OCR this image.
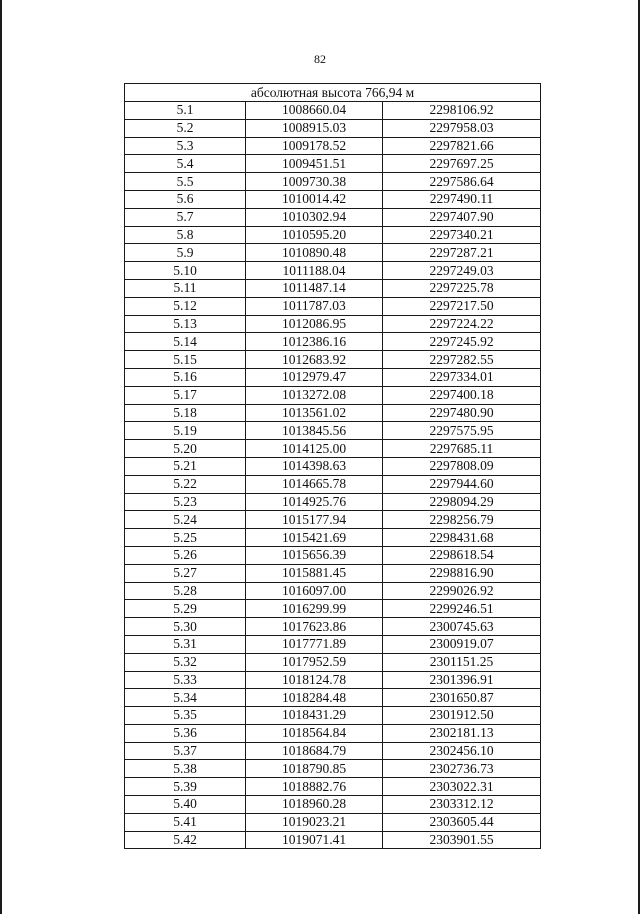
82
абсолютная высота 766,94 м		
5.1	1008660.04	2298106.92
5.2	1008915.03	2297958.03
5.3	1009178.52	2297821.66
5.4	1009451.51	2297697.25
5.5	1009730.38	2297586.64
5.6	1010014.42	2297490.11
5.7	1010302.94	2297407.90
5.8	1010595.20	2297340.21
5.9	1010890.48	2297287.21
5.10	1011188.04	2297249.03
5.11	1011487.14	2297225.78
5.12	1011787.03	2297217.50
5.13	1012086.95	2297224.22
5.14	1012386.16	2297245.92
5.15	1012683.92	2297282.55
5.16	1012979.47	2297334.01
5.17	1013272.08	2297400.18
5.18	1013561.02	2297480.90
5.19	1013845.56	2297575.95
5.20	1014125.00	2297685.11
5.21	1014398.63	2297808.09
5.22	1014665.78	2297944.60
5.23	1014925.76	2298094.29
5.24	1015177.94	2298256.79
5.25	1015421.69	2298431.68
5.26	1015656.39	2298618.54
5.27	1015881.45	2298816.90
5.28	1016097.00	2299026.92
5.29	1016299.99	2299246.51
5.30	1017623.86	2300745.63
5.31	1017771.89	2300919.07
5.32	1017952.59	2301151.25
5.33	1018124.78	2301396.91
5.34	1018284.48	2301650.87
5.35	1018431.29	2301912.50
5.36	1018564.84	2302181.13
5.37	1018684.79	2302456.10
5.38	1018790.85	2302736.73
5.39	1018882.76	2303022.31
5.40	1018960.28	2303312.12
5.41	1019023.21	2303605.44
5.42	1019071.41	2303901.55
